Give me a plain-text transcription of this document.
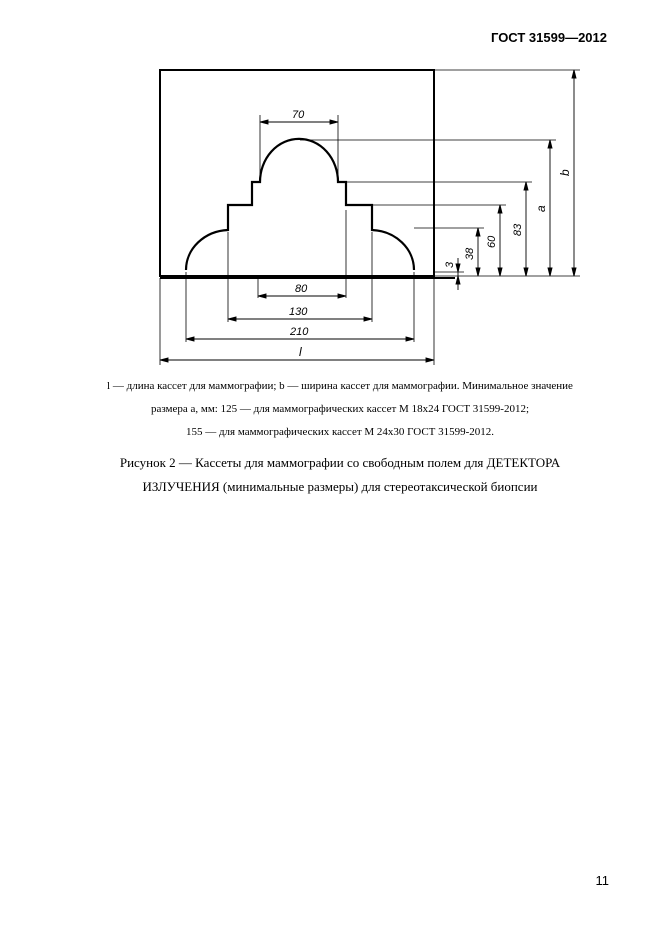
ГОСТ 31599—2012
70
80
130
210
l
b
a
83
60
38
3
l — длина кассет для маммографии; b — ширина кассет для маммографии. Минимальное значение
размера a, мм: 125 — для маммографических кассет М 18х24 ГОСТ 31599-2012;
155 — для маммографических кассет М 24х30 ГОСТ 31599-2012.
Рисунок 2 — Кассеты для маммографии со свободным полем для ДЕТЕКТОРА
ИЗЛУЧЕНИЯ (минимальные размеры) для стереотаксической биопсии
11
